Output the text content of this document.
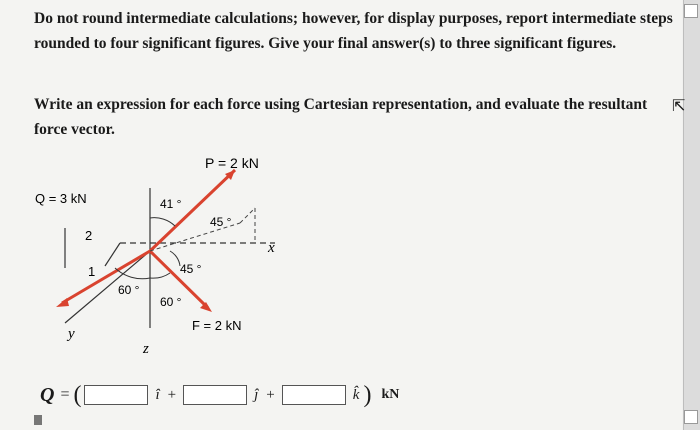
Do not round intermediate calculations; however, for display purposes, report intermediate steps rounded to four significant figures. Give your final answer(s) to three significant figures.
Write an expression for each force using Cartesian representation, and evaluate the resultant force vector.
P = 2 kN
Q = 3 kN
F = 2 kN
41 °
45 °
45 °
60 °
60 °
2
1
x
y
z
Q = (	î +	ĵ +	k̂ ) kN
⇱
